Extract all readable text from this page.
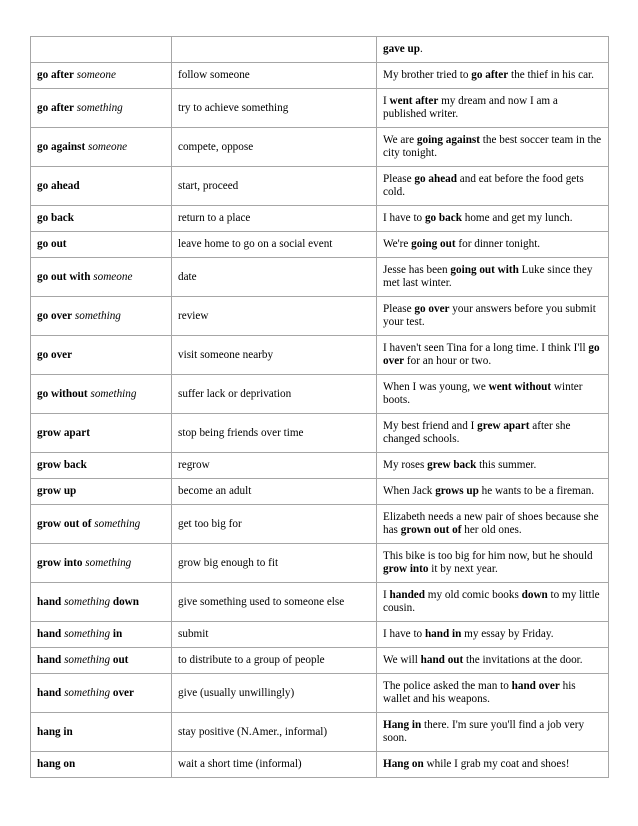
		gave up.
go after someone	follow someone	My brother tried to go after the thief in his car.
go after something	try to achieve something	I went after my dream and now I am a published writer.
go against someone	compete, oppose	We are going against the best soccer team in the city tonight.
go ahead	start, proceed	Please go ahead and eat before the food gets cold.
go back	return to a place	I have to go back home and get my lunch.
go out	leave home to go on a social event	We're going out for dinner tonight.
go out with someone	date	Jesse has been going out with Luke since they met last winter.
go over something	review	Please go over your answers before you submit your test.
go over	visit someone nearby	I haven't seen Tina for a long time. I think I'll go over for an hour or two.
go without something	suffer lack or deprivation	When I was young, we went without winter boots.
grow apart	stop being friends over time	My best friend and I grew apart after she changed schools.
grow back	regrow	My roses grew back this summer.
grow up	become an adult	When Jack grows up he wants to be a fireman.
grow out of something	get too big for	Elizabeth needs a new pair of shoes because she has grown out of her old ones.
grow into something	grow big enough to fit	This bike is too big for him now, but he should grow into it by next year.
hand something down	give something used to someone else	I handed my old comic books down to my little cousin.
hand something in	submit	I have to hand in my essay by Friday.
hand something out	to distribute to a group of people	We will hand out the invitations at the door.
hand something over	give (usually unwillingly)	The police asked the man to hand over his wallet and his weapons.
hang in	stay positive (N.Amer., informal)	Hang in there. I'm sure you'll find a job very soon.
hang on	wait a short time (informal)	Hang on while I grab my coat and shoes!
